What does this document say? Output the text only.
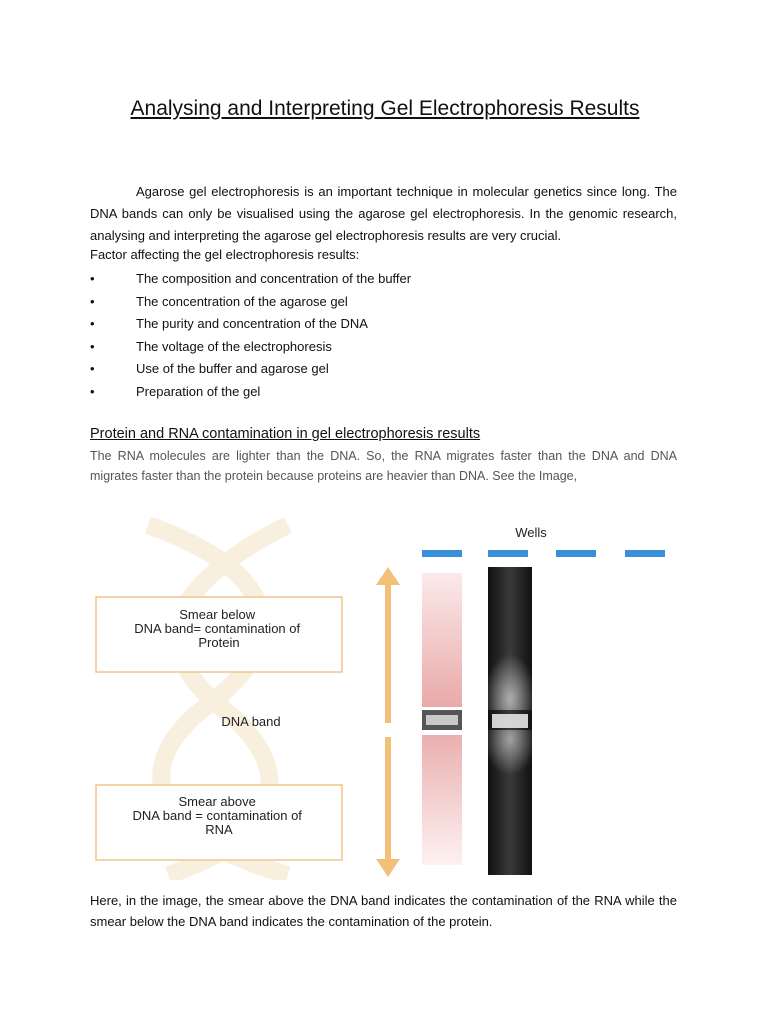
Analysing and Interpreting Gel Electrophoresis Results
Agarose gel electrophoresis is an important technique in molecular genetics since long. The DNA bands can only be visualised using the agarose gel electrophoresis. In the genomic research, analysing and interpreting the agarose gel electrophoresis results are very crucial.
Factor affecting the gel electrophoresis results:
•	The composition and concentration of the buffer
•	The concentration of the agarose gel
•	The purity and concentration of the DNA
•	The voltage of the electrophoresis
•	Use of the buffer and agarose gel
•	Preparation of the gel
Protein and RNA contamination in gel electrophoresis results
The RNA molecules are lighter than the DNA. So, the RNA migrates faster than the DNA and DNA migrates faster than the protein because proteins are heavier than DNA. See the Image,
Wells
Smear below DNA band= contamination of Protein
DNA band
Smear above DNA band = contamination of RNA
Here, in the image, the smear above the DNA band indicates the contamination of the RNA while the smear below the DNA band indicates the contamination of the protein.
